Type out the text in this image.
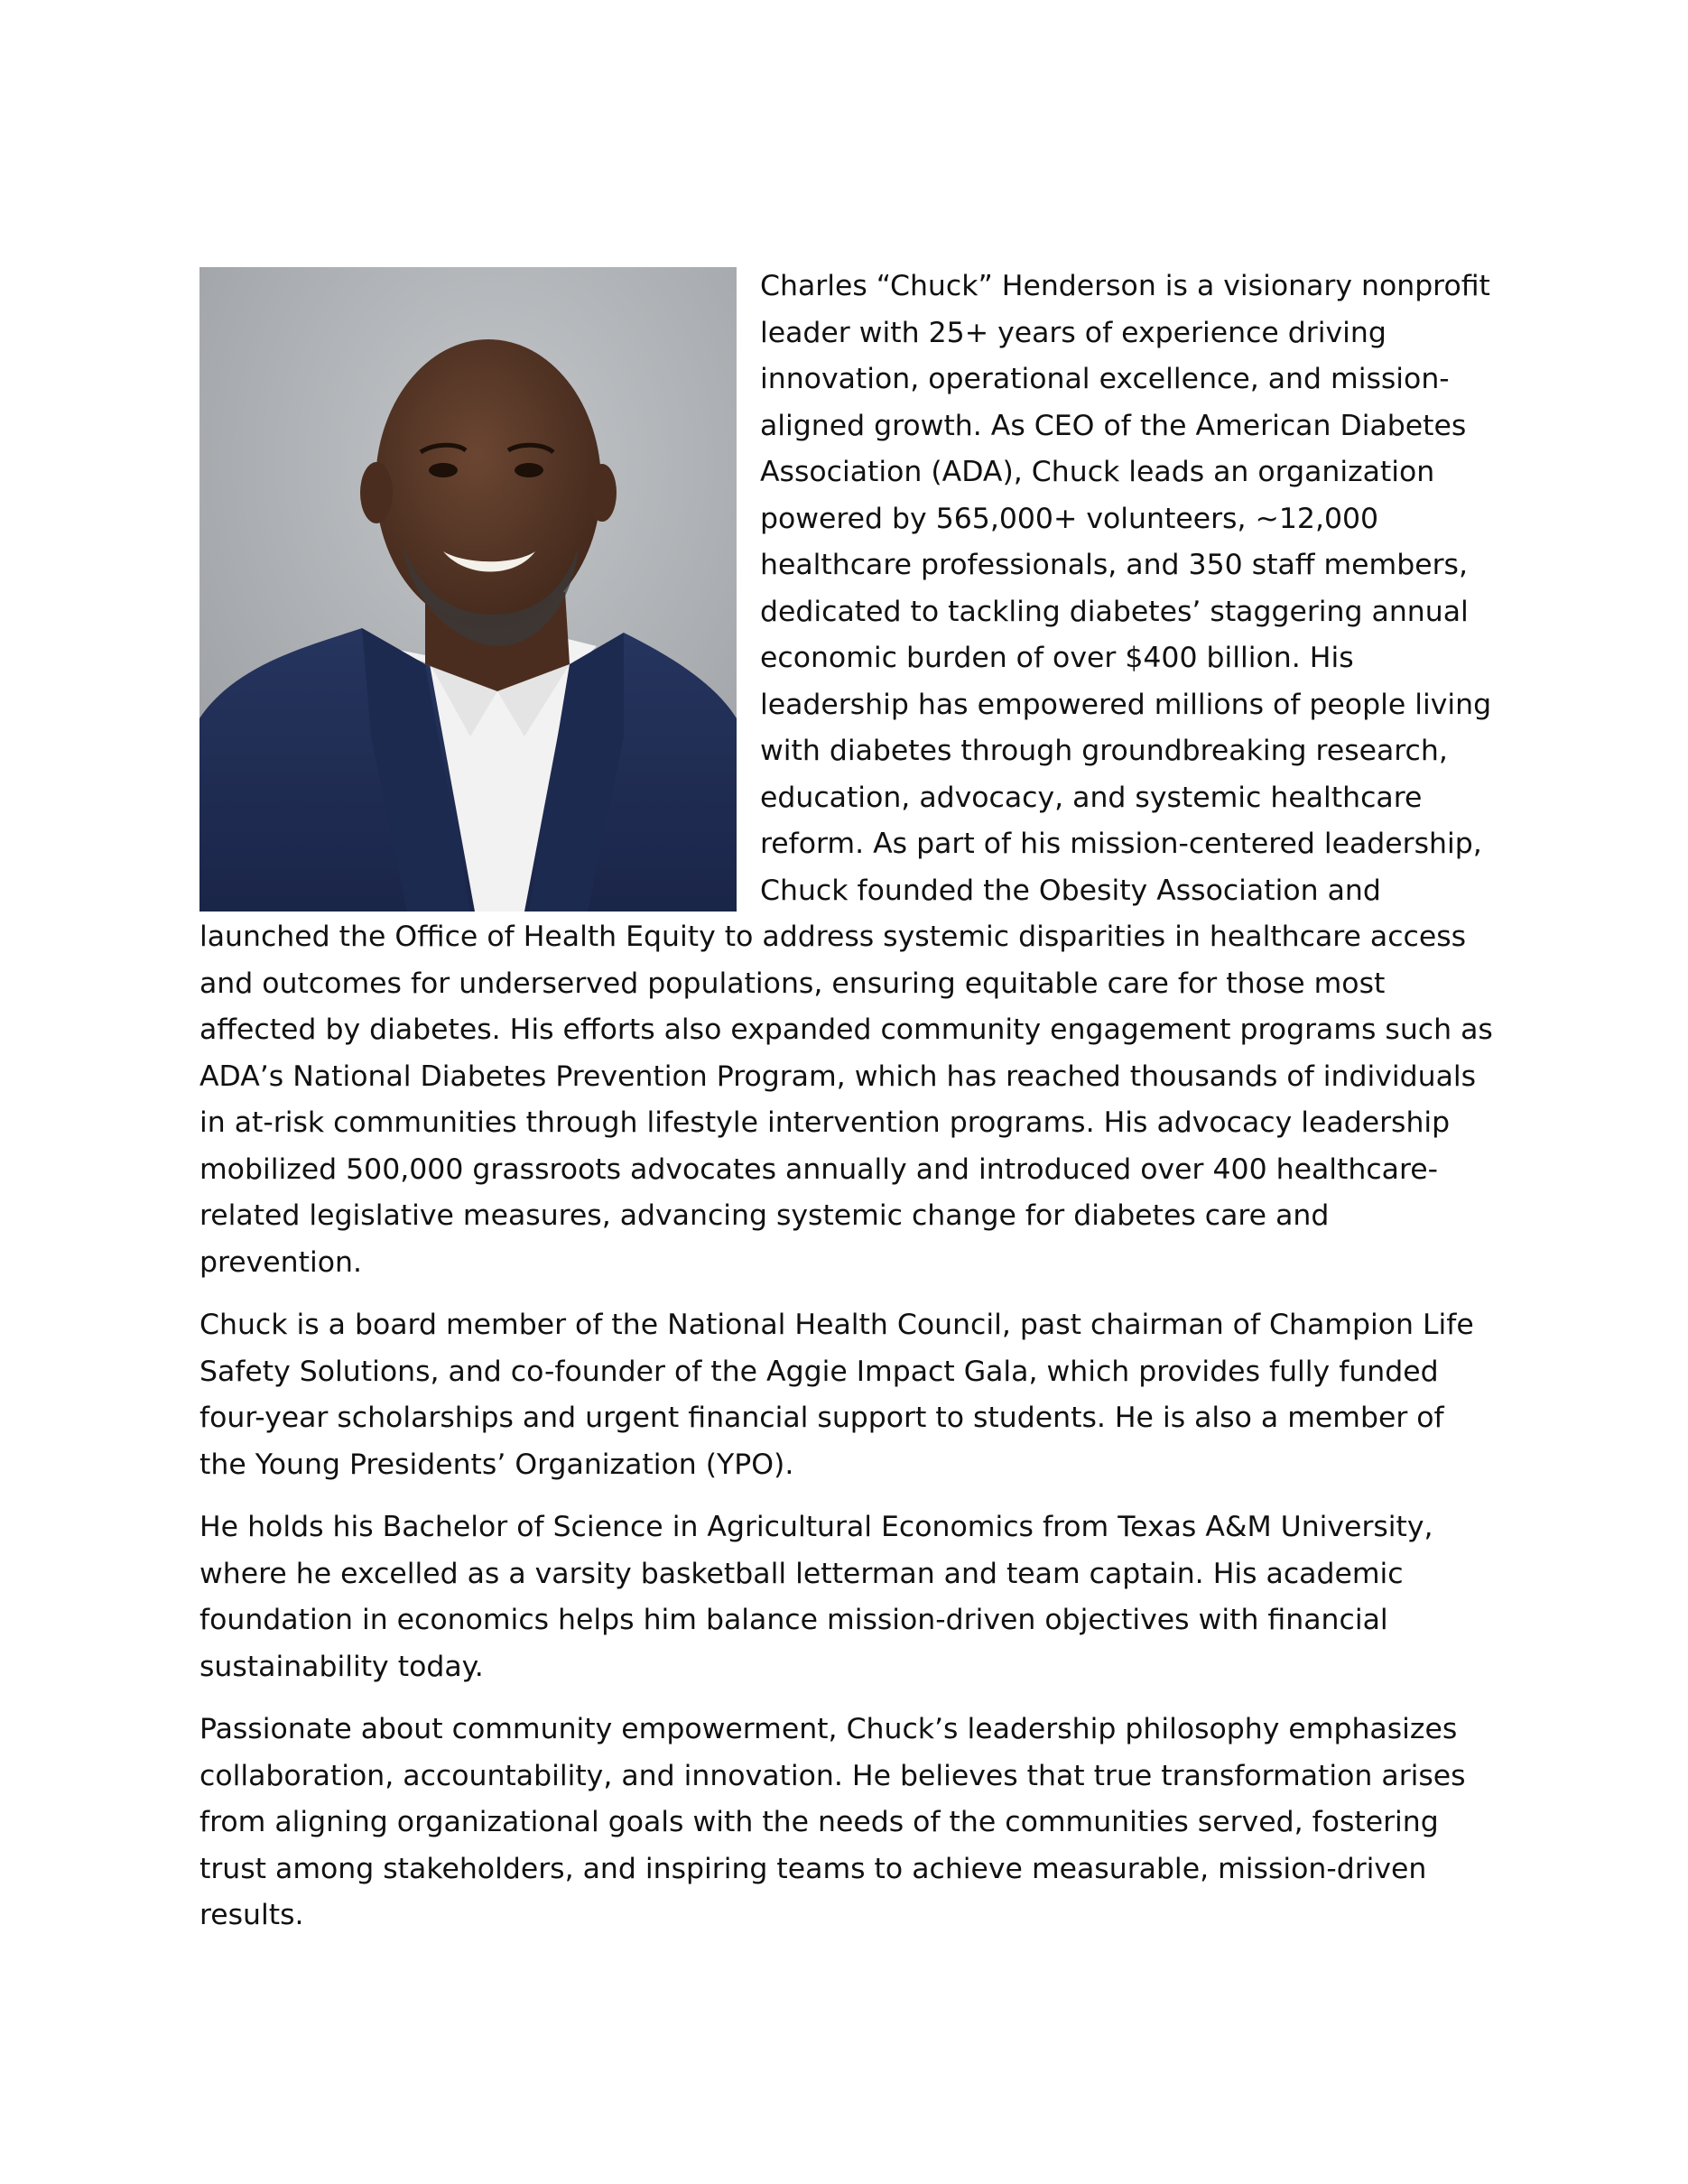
Charles “Chuck” Henderson is a visionary nonprofit leader with 25+ years of experience driving innovation, operational excellence, and mission-aligned growth. As CEO of the American Diabetes Association (ADA), Chuck leads an organization powered by 565,000+ volunteers, ~12,000 healthcare professionals, and 350 staff members, dedicated to tackling diabetes’ staggering annual economic burden of over $400 billion. His leadership has empowered millions of people living with diabetes through groundbreaking research, education, advocacy, and systemic healthcare reform. As part of his mission-centered leadership, Chuck founded the Obesity Association and launched the Office of Health Equity to address systemic disparities in healthcare access and outcomes for underserved populations, ensuring equitable care for those most affected by diabetes. His efforts also expanded community engagement programs such as ADA’s National Diabetes Prevention Program, which has reached thousands of individuals in at-risk communities through lifestyle intervention programs. His advocacy leadership mobilized 500,000 grassroots advocates annually and introduced over 400 healthcare-related legislative measures, advancing systemic change for diabetes care and prevention.

Chuck is a board member of the National Health Council, past chairman of Champion Life Safety Solutions, and co-founder of the Aggie Impact Gala, which provides fully funded four-year scholarships and urgent financial support to students. He is also a member of the Young Presidents’ Organization (YPO).

He holds his Bachelor of Science in Agricultural Economics from Texas A&M University, where he excelled as a varsity basketball letterman and team captain. His academic foundation in economics helps him balance mission-driven objectives with financial sustainability today.

Passionate about community empowerment, Chuck’s leadership philosophy emphasizes collaboration, accountability, and innovation. He believes that true transformation arises from aligning organizational goals with the needs of the communities served, fostering trust among stakeholders, and inspiring teams to achieve measurable, mission-driven results.
